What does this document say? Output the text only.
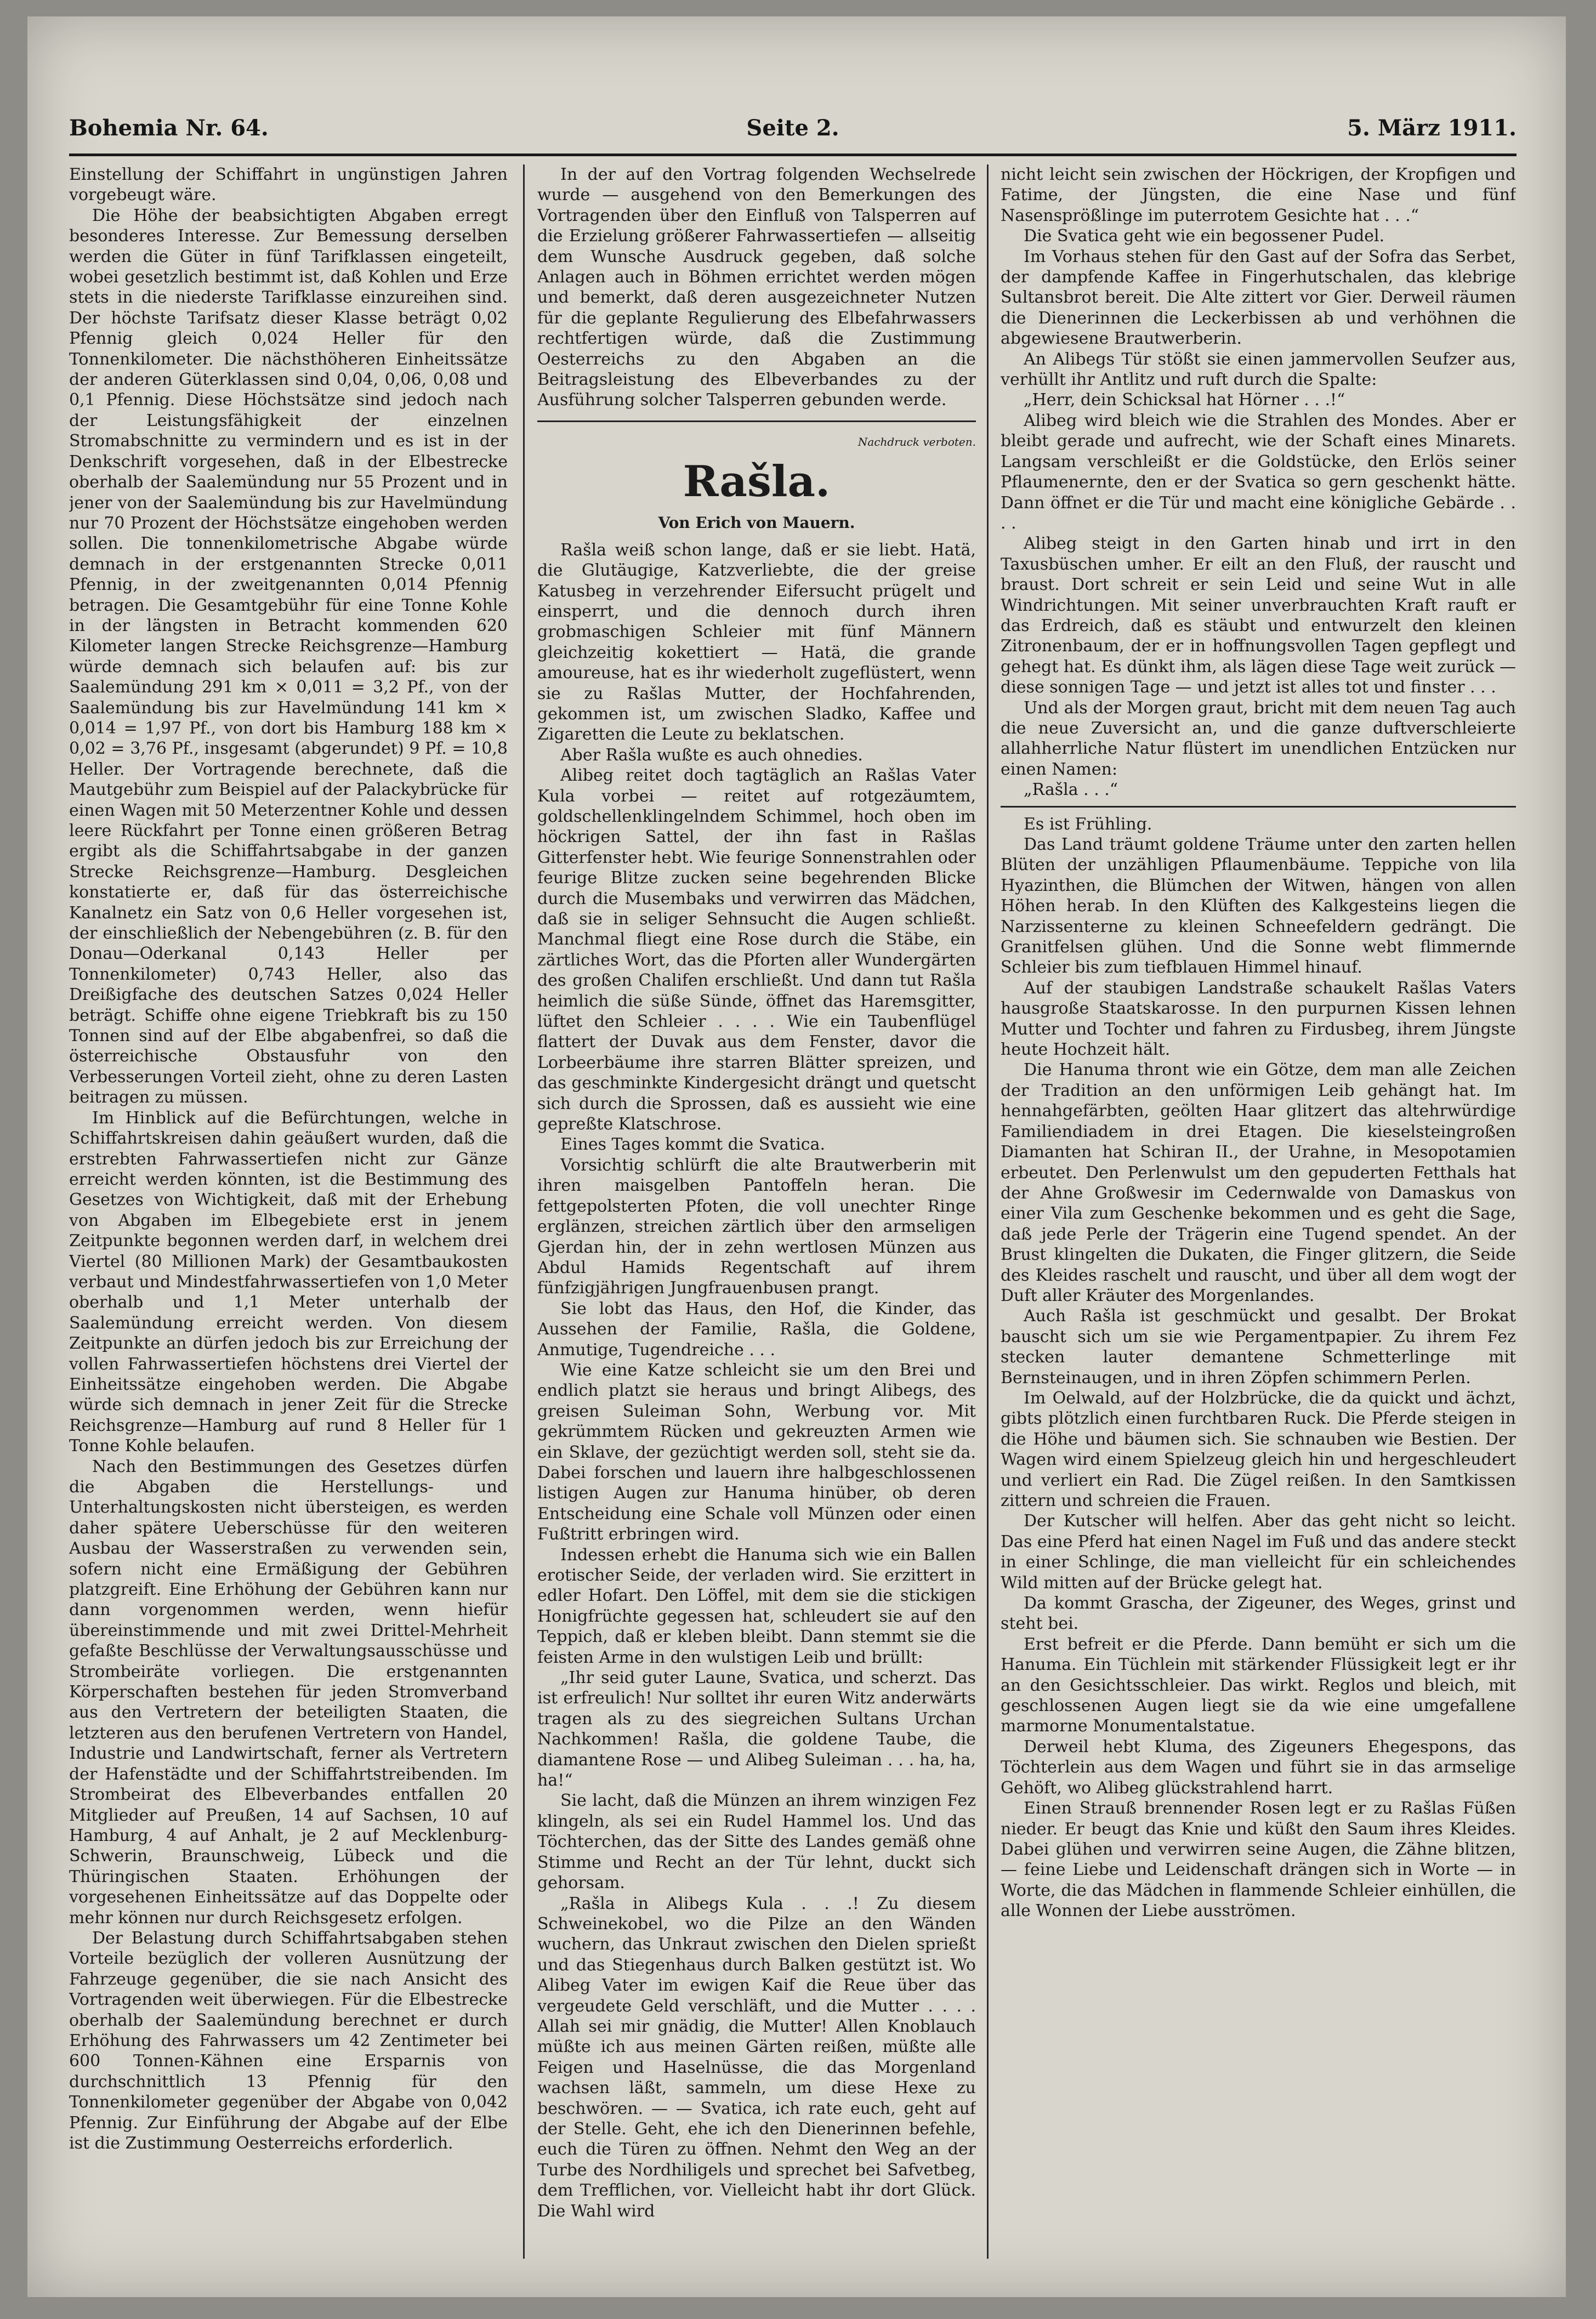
Bohemia Nr. 64.	Seite 2.	5. März 1911.

Einstellung der Schiffahrt in ungünstigen Jahren vorgebeugt wäre.

Die Höhe der beabsichtigten Abgaben erregt besonderes Interesse. Zur Bemessung derselben werden die Güter in fünf Tarifklassen eingeteilt, wobei gesetzlich bestimmt ist, daß Kohlen und Erze stets in die niederste Tarifklasse einzureihen sind. Der höchste Tarifsatz dieser Klasse beträgt 0,02 Pfennig gleich 0,024 Heller für den Tonnenkilometer. Die nächsthöheren Einheitssätze der anderen Güterklassen sind 0,04, 0,06, 0,08 und 0,1 Pfennig. Diese Höchstsätze sind jedoch nach der Leistungsfähigkeit der einzelnen Stromabschnitte zu vermindern und es ist in der Denkschrift vorgesehen, daß in der Elbestrecke oberhalb der Saalemündung nur 55 Prozent und in jener von der Saalemündung bis zur Havelmündung nur 70 Prozent der Höchstsätze eingehoben werden sollen. Die tonnenkilometrische Abgabe würde demnach in der erstgenannten Strecke 0,011 Pfennig, in der zweitgenannten 0,014 Pfennig betragen. Die Gesamtgebühr für eine Tonne Kohle in der längsten in Betracht kommenden 620 Kilometer langen Strecke Reichsgrenze—Hamburg würde demnach sich belaufen auf: bis zur Saalemündung 291 km × 0,011 = 3,2 Pf., von der Saalemündung bis zur Havelmündung 141 km × 0,014 = 1,97 Pf., von dort bis Hamburg 188 km × 0,02 = 3,76 Pf., insgesamt (abgerundet) 9 Pf. = 10,8 Heller. Der Vortragende berechnete, daß die Mautgebühr zum Beispiel auf der Palackybrücke für einen Wagen mit 50 Meterzentner Kohle und dessen leere Rückfahrt per Tonne einen größeren Betrag ergibt als die Schiffahrtsabgabe in der ganzen Strecke Reichsgrenze—Hamburg. Desgleichen konstatierte er, daß für das österreichische Kanalnetz ein Satz von 0,6 Heller vorgesehen ist, der einschließlich der Nebengebühren (z. B. für den Donau—Oderkanal 0,143 Heller per Tonnenkilometer) 0,743 Heller, also das Dreißigfache des deutschen Satzes 0,024 Heller beträgt. Schiffe ohne eigene Triebkraft bis zu 150 Tonnen sind auf der Elbe abgabenfrei, so daß die österreichische Obstausfuhr von den Verbesserungen Vorteil zieht, ohne zu deren Lasten beitragen zu müssen.

Im Hinblick auf die Befürchtungen, welche in Schiffahrtskreisen dahin geäußert wurden, daß die erstrebten Fahrwassertiefen nicht zur Gänze erreicht werden könnten, ist die Bestimmung des Gesetzes von Wichtigkeit, daß mit der Erhebung von Abgaben im Elbegebiete erst in jenem Zeitpunkte begonnen werden darf, in welchem drei Viertel (80 Millionen Mark) der Gesamtbaukosten verbaut und Mindestfahrwassertiefen von 1,0 Meter oberhalb und 1,1 Meter unterhalb der Saalemündung erreicht werden. Von diesem Zeitpunkte an dürfen jedoch bis zur Erreichung der vollen Fahrwassertiefen höchstens drei Viertel der Einheitssätze eingehoben werden. Die Abgabe würde sich demnach in jener Zeit für die Strecke Reichsgrenze—Hamburg auf rund 8 Heller für 1 Tonne Kohle belaufen.

Nach den Bestimmungen des Gesetzes dürfen die Abgaben die Herstellungs- und Unterhaltungskosten nicht übersteigen, es werden daher spätere Ueberschüsse für den weiteren Ausbau der Wasserstraßen zu verwenden sein, sofern nicht eine Ermäßigung der Gebühren platzgreift. Eine Erhöhung der Gebühren kann nur dann vorgenommen werden, wenn hiefür übereinstimmende und mit zwei Drittel-Mehrheit gefaßte Beschlüsse der Verwaltungsausschüsse und Strombeiräte vorliegen. Die erstgenannten Körperschaften bestehen für jeden Stromverband aus den Vertretern der beteiligten Staaten, die letzteren aus den berufenen Vertretern von Handel, Industrie und Landwirtschaft, ferner als Vertretern der Hafenstädte und der Schiffahrtstreibenden. Im Strombeirat des Elbeverbandes entfallen 20 Mitglieder auf Preußen, 14 auf Sachsen, 10 auf Hamburg, 4 auf Anhalt, je 2 auf Mecklenburg-Schwerin, Braunschweig, Lübeck und die Thüringischen Staaten. Erhöhungen der vorgesehenen Einheitssätze auf das Doppelte oder mehr können nur durch Reichsgesetz erfolgen.

Der Belastung durch Schiffahrtsabgaben stehen Vorteile bezüglich der volleren Ausnützung der Fahrzeuge gegenüber, die sie nach Ansicht des Vortragenden weit überwiegen. Für die Elbestrecke oberhalb der Saalemündung berechnet er durch Erhöhung des Fahrwassers um 42 Zentimeter bei 600 Tonnen-Kähnen eine Ersparnis von durchschnittlich 13 Pfennig für den Tonnenkilometer gegenüber der Abgabe von 0,042 Pfennig. Zur Einführung der Abgabe auf der Elbe ist die Zustimmung Oesterreichs erforderlich.

In der auf den Vortrag folgenden Wechselrede wurde — ausgehend von den Bemerkungen des Vortragenden über den Einfluß von Talsperren auf die Erzielung größerer Fahrwassertiefen — allseitig dem Wunsche Ausdruck gegeben, daß solche Anlagen auch in Böhmen errichtet werden mögen und bemerkt, daß deren ausgezeichneter Nutzen für die geplante Regulierung des Elbefahrwassers rechtfertigen würde, daß die Zustimmung Oesterreichs zu den Abgaben an die Beitragsleistung des Elbeverbandes zu der Ausführung solcher Talsperren gebunden werde.

Nachdruck verboten.
Rašla.
Von Erich von Mauern.

Rašla weiß schon lange, daß er sie liebt. Hatä, die Glutäugige, Katzverliebte, die der greise Katusbeg in verzehrender Eifersucht prügelt und einsperrt, und die dennoch durch ihren grobmaschigen Schleier mit fünf Männern gleichzeitig kokettiert — Hatä, die grande amoureuse, hat es ihr wiederholt zugeflüstert, wenn sie zu Rašlas Mutter, der Hochfahrenden, gekommen ist, um zwischen Sladko, Kaffee und Zigaretten die Leute zu beklatschen.

Aber Rašla wußte es auch ohnedies.

Alibeg reitet doch tagtäglich an Rašlas Vater Kula vorbei — reitet auf rotgezäumtem, goldschellenklingelndem Schimmel, hoch oben im höckrigen Sattel, der ihn fast in Rašlas Gitterfenster hebt. Wie feurige Sonnenstrahlen oder feurige Blitze zucken seine begehrenden Blicke durch die Musembaks und verwirren das Mädchen, daß sie in seliger Sehnsucht die Augen schließt. Manchmal fliegt eine Rose durch die Stäbe, ein zärtliches Wort, das die Pforten aller Wundergärten des großen Chalifen erschließt. Und dann tut Rašla heimlich die süße Sünde, öffnet das Haremsgitter, lüftet den Schleier . . . . Wie ein Taubenflügel flattert der Duvak aus dem Fenster, davor die Lorbeerbäume ihre starren Blätter spreizen, und das geschminkte Kindergesicht drängt und quetscht sich durch die Sprossen, daß es aussieht wie eine gepreßte Klatschrose.

Eines Tages kommt die Svatica.

Vorsichtig schlürft die alte Brautwerberin mit ihren maisgelben Pantoffeln heran. Die fettgepolsterten Pfoten, die voll unechter Ringe erglänzen, streichen zärtlich über den armseligen Gjerdan hin, der in zehn wertlosen Münzen aus Abdul Hamids Regentschaft auf ihrem fünfzigjährigen Jungfrauenbusen prangt.

Sie lobt das Haus, den Hof, die Kinder, das Aussehen der Familie, Rašla, die Goldene, Anmutige, Tugendreiche . . .

Wie eine Katze schleicht sie um den Brei und endlich platzt sie heraus und bringt Alibegs, des greisen Suleiman Sohn, Werbung vor. Mit gekrümmtem Rücken und gekreuzten Armen wie ein Sklave, der gezüchtigt werden soll, steht sie da. Dabei forschen und lauern ihre halbgeschlossenen listigen Augen zur Hanuma hinüber, ob deren Entscheidung eine Schale voll Münzen oder einen Fußtritt erbringen wird.

Indessen erhebt die Hanuma sich wie ein Ballen erotischer Seide, der verladen wird. Sie erzittert in edler Hofart. Den Löffel, mit dem sie die stickigen Honigfrüchte gegessen hat, schleudert sie auf den Teppich, daß er kleben bleibt. Dann stemmt sie die feisten Arme in den wulstigen Leib und brüllt:

„Ihr seid guter Laune, Svatica, und scherzt. Das ist erfreulich! Nur solltet ihr euren Witz anderwärts tragen als zu des siegreichen Sultans Urchan Nachkommen! Rašla, die goldene Taube, die diamantene Rose — und Alibeg Suleiman . . . ha, ha, ha!“

Sie lacht, daß die Münzen an ihrem winzigen Fez klingeln, als sei ein Rudel Hammel los. Und das Töchterchen, das der Sitte des Landes gemäß ohne Stimme und Recht an der Tür lehnt, duckt sich gehorsam.

„Rašla in Alibegs Kula . . .! Zu diesem Schweinekobel, wo die Pilze an den Wänden wuchern, das Unkraut zwischen den Dielen sprießt und das Stiegenhaus durch Balken gestützt ist. Wo Alibeg Vater im ewigen Kaif die Reue über das vergeudete Geld verschläft, und die Mutter . . . . Allah sei mir gnädig, die Mutter! Allen Knoblauch müßte ich aus meinen Gärten reißen, müßte alle Feigen und Haselnüsse, die das Morgenland wachsen läßt, sammeln, um diese Hexe zu beschwören. — — Svatica, ich rate euch, geht auf der Stelle. Geht, ehe ich den Dienerinnen befehle, euch die Türen zu öffnen. Nehmt den Weg an der Turbe des Nordhiligels und sprechet bei Safvetbeg, dem Trefflichen, vor. Vielleicht habt ihr dort Glück. Die Wahl wird

nicht leicht sein zwischen der Höckrigen, der Kropfigen und Fatime, der Jüngsten, die eine Nase und fünf Nasensprößlinge im puterrotem Gesichte hat . . .“

Die Svatica geht wie ein begossener Pudel.

Im Vorhaus stehen für den Gast auf der Sofra das Serbet, der dampfende Kaffee in Fingerhutschalen, das klebrige Sultansbrot bereit. Die Alte zittert vor Gier. Derweil räumen die Dienerinnen die Leckerbissen ab und verhöhnen die abgewiesene Brautwerberin.

An Alibegs Tür stößt sie einen jammervollen Seufzer aus, verhüllt ihr Antlitz und ruft durch die Spalte:

„Herr, dein Schicksal hat Hörner . . .!“

Alibeg wird bleich wie die Strahlen des Mondes. Aber er bleibt gerade und aufrecht, wie der Schaft eines Minarets. Langsam verschleißt er die Goldstücke, den Erlös seiner Pflaumenernte, den er der Svatica so gern geschenkt hätte. Dann öffnet er die Tür und macht eine königliche Gebärde . . . .

Alibeg steigt in den Garten hinab und irrt in den Taxusbüschen umher. Er eilt an den Fluß, der rauscht und braust. Dort schreit er sein Leid und seine Wut in alle Windrichtungen. Mit seiner unverbrauchten Kraft rauft er das Erdreich, daß es stäubt und entwurzelt den kleinen Zitronenbaum, der er in hoffnungsvollen Tagen gepflegt und gehegt hat. Es dünkt ihm, als lägen diese Tage weit zurück — diese sonnigen Tage — und jetzt ist alles tot und finster . . .

Und als der Morgen graut, bricht mit dem neuen Tag auch die neue Zuversicht an, und die ganze duftverschleierte allahherrliche Natur flüstert im unendlichen Entzücken nur einen Namen:

„Rašla . . .“

Es ist Frühling.

Das Land träumt goldene Träume unter den zarten hellen Blüten der unzähligen Pflaumenbäume. Teppiche von lila Hyazinthen, die Blümchen der Witwen, hängen von allen Höhen herab. In den Klüften des Kalkgesteins liegen die Narzissenterne zu kleinen Schneefeldern gedrängt. Die Granitfelsen glühen. Und die Sonne webt flimmernde Schleier bis zum tiefblauen Himmel hinauf.

Auf der staubigen Landstraße schaukelt Rašlas Vaters hausgroße Staatskarosse. In den purpurnen Kissen lehnen Mutter und Tochter und fahren zu Firdusbeg, ihrem Jüngste heute Hochzeit hält.

Die Hanuma thront wie ein Götze, dem man alle Zeichen der Tradition an den unförmigen Leib gehängt hat. Im hennahgefärbten, geölten Haar glitzert das altehrwürdige Familiendiadem in drei Etagen. Die kieselsteingroßen Diamanten hat Schiran II., der Urahne, in Mesopotamien erbeutet. Den Perlenwulst um den gepuderten Fetthals hat der Ahne Großwesir im Cedernwalde von Damaskus von einer Vila zum Geschenke bekommen und es geht die Sage, daß jede Perle der Trägerin eine Tugend spendet. An der Brust klingelten die Dukaten, die Finger glitzern, die Seide des Kleides raschelt und rauscht, und über all dem wogt der Duft aller Kräuter des Morgenlandes.

Auch Rašla ist geschmückt und gesalbt. Der Brokat bauscht sich um sie wie Pergamentpapier. Zu ihrem Fez stecken lauter demantene Schmetterlinge mit Bernsteinaugen, und in ihren Zöpfen schimmern Perlen.

Im Oelwald, auf der Holzbrücke, die da quickt und ächzt, gibts plötzlich einen furchtbaren Ruck. Die Pferde steigen in die Höhe und bäumen sich. Sie schnauben wie Bestien. Der Wagen wird einem Spielzeug gleich hin und hergeschleudert und verliert ein Rad. Die Zügel reißen. In den Samtkissen zittern und schreien die Frauen.

Der Kutscher will helfen. Aber das geht nicht so leicht. Das eine Pferd hat einen Nagel im Fuß und das andere steckt in einer Schlinge, die man vielleicht für ein schleichendes Wild mitten auf der Brücke gelegt hat.

Da kommt Grascha, der Zigeuner, des Weges, grinst und steht bei.

Erst befreit er die Pferde. Dann bemüht er sich um die Hanuma. Ein Tüchlein mit stärkender Flüssigkeit legt er ihr an den Gesichtsschleier. Das wirkt. Reglos und bleich, mit geschlossenen Augen liegt sie da wie eine umgefallene marmorne Monumentalstatue.

Derweil hebt Kluma, des Zigeuners Ehegespons, das Töchterlein aus dem Wagen und führt sie in das armselige Gehöft, wo Alibeg glückstrahlend harrt.

Einen Strauß brennender Rosen legt er zu Rašlas Füßen nieder. Er beugt das Knie und küßt den Saum ihres Kleides. Dabei glühen und verwirren seine Augen, die Zähne blitzen, — feine Liebe und Leidenschaft drängen sich in Worte — in Worte, die das Mädchen in flammende Schleier einhüllen, die alle Wonnen der Liebe ausströmen.
